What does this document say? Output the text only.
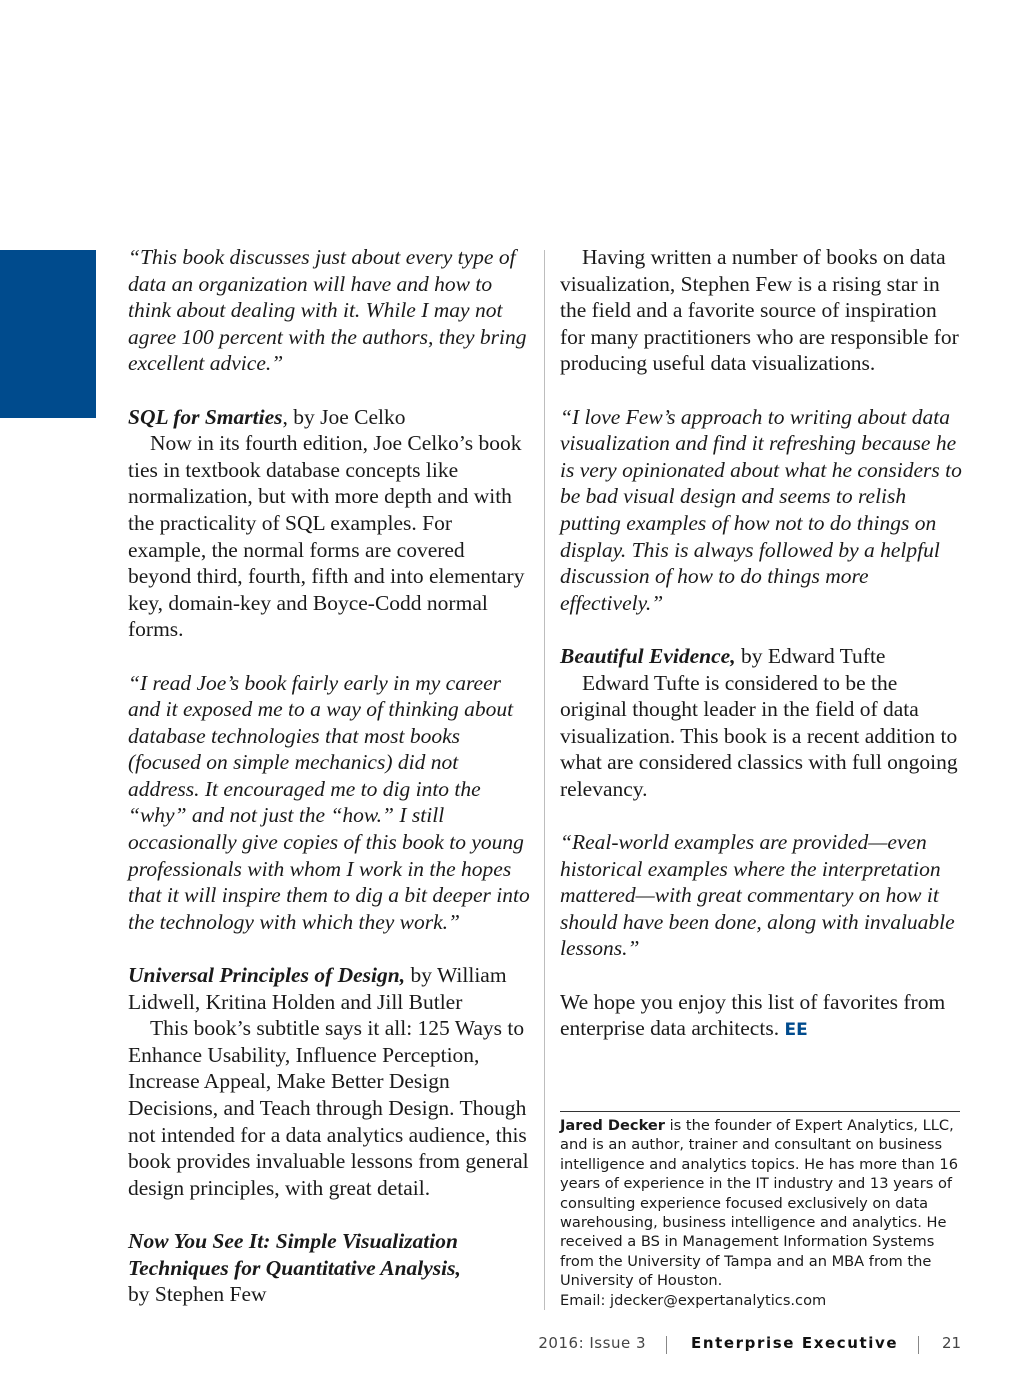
“This book discusses just about every type of data an organization will have and how to think about dealing with it. While I may not agree 100 percent with the authors, they bring excellent advice.”

SQL for Smarties, by Joe Celko

Now in its fourth edition, Joe Celko’s book ties in textbook database concepts like normalization, but with more depth and with the practicality of SQL examples. For example, the normal forms are covered beyond third, fourth, fifth and into elementary key, domain-key and Boyce-Codd normal forms.

“I read Joe’s book fairly early in my career and it exposed me to a way of thinking about database technologies that most books (focused on simple mechanics) did not address. It encouraged me to dig into the “why” and not just the “how.” I still occasionally give copies of this book to young professionals with whom I work in the hopes that it will inspire them to dig a bit deeper into the technology with which they work.”

Universal Principles of Design, by William Lidwell, Kritina Holden and Jill Butler

This book’s subtitle says it all: 125 Ways to Enhance Usability, Influence Perception, Increase Appeal, Make Better Design Decisions, and Teach through Design. Though not intended for a data analytics audience, this book provides invaluable lessons from general design principles, with great detail.

Now You See It: Simple Visualization Techniques for Quantitative Analysis,

by Stephen Few

Having written a number of books on data visualization, Stephen Few is a rising star in the field and a favorite source of inspiration for many practitioners who are responsible for producing useful data visualizations.

“I love Few’s approach to writing about data visualization and find it refreshing because he is very opinionated about what he considers to be bad visual design and seems to relish putting examples of how not to do things on display. This is always followed by a helpful discussion of how to do things more effectively.”

Beautiful Evidence, by Edward Tufte

Edward Tufte is considered to be the original thought leader in the field of data visualization. This book is a recent addition to what are considered classics with full ongoing relevancy.

“Real-world examples are provided—even historical examples where the interpretation mattered—with great commentary on how it should have been done, along with invaluable lessons.”

We hope you enjoy this list of favorites from enterprise data architects. EE

Jared Decker is the founder of Expert Analytics, LLC, and is an author, trainer and consultant on business intelligence and analytics topics. He has more than 16 years of experience in the IT industry and 13 years of consulting experience focused exclusively on data warehousing, business intelligence and analytics. He received a BS in Management Information Systems from the University of Tampa and an MBA from the University of Houston.

Email: jdecker@expertanalytics.com

2016: Issue 3	Enterprise Executive	21
